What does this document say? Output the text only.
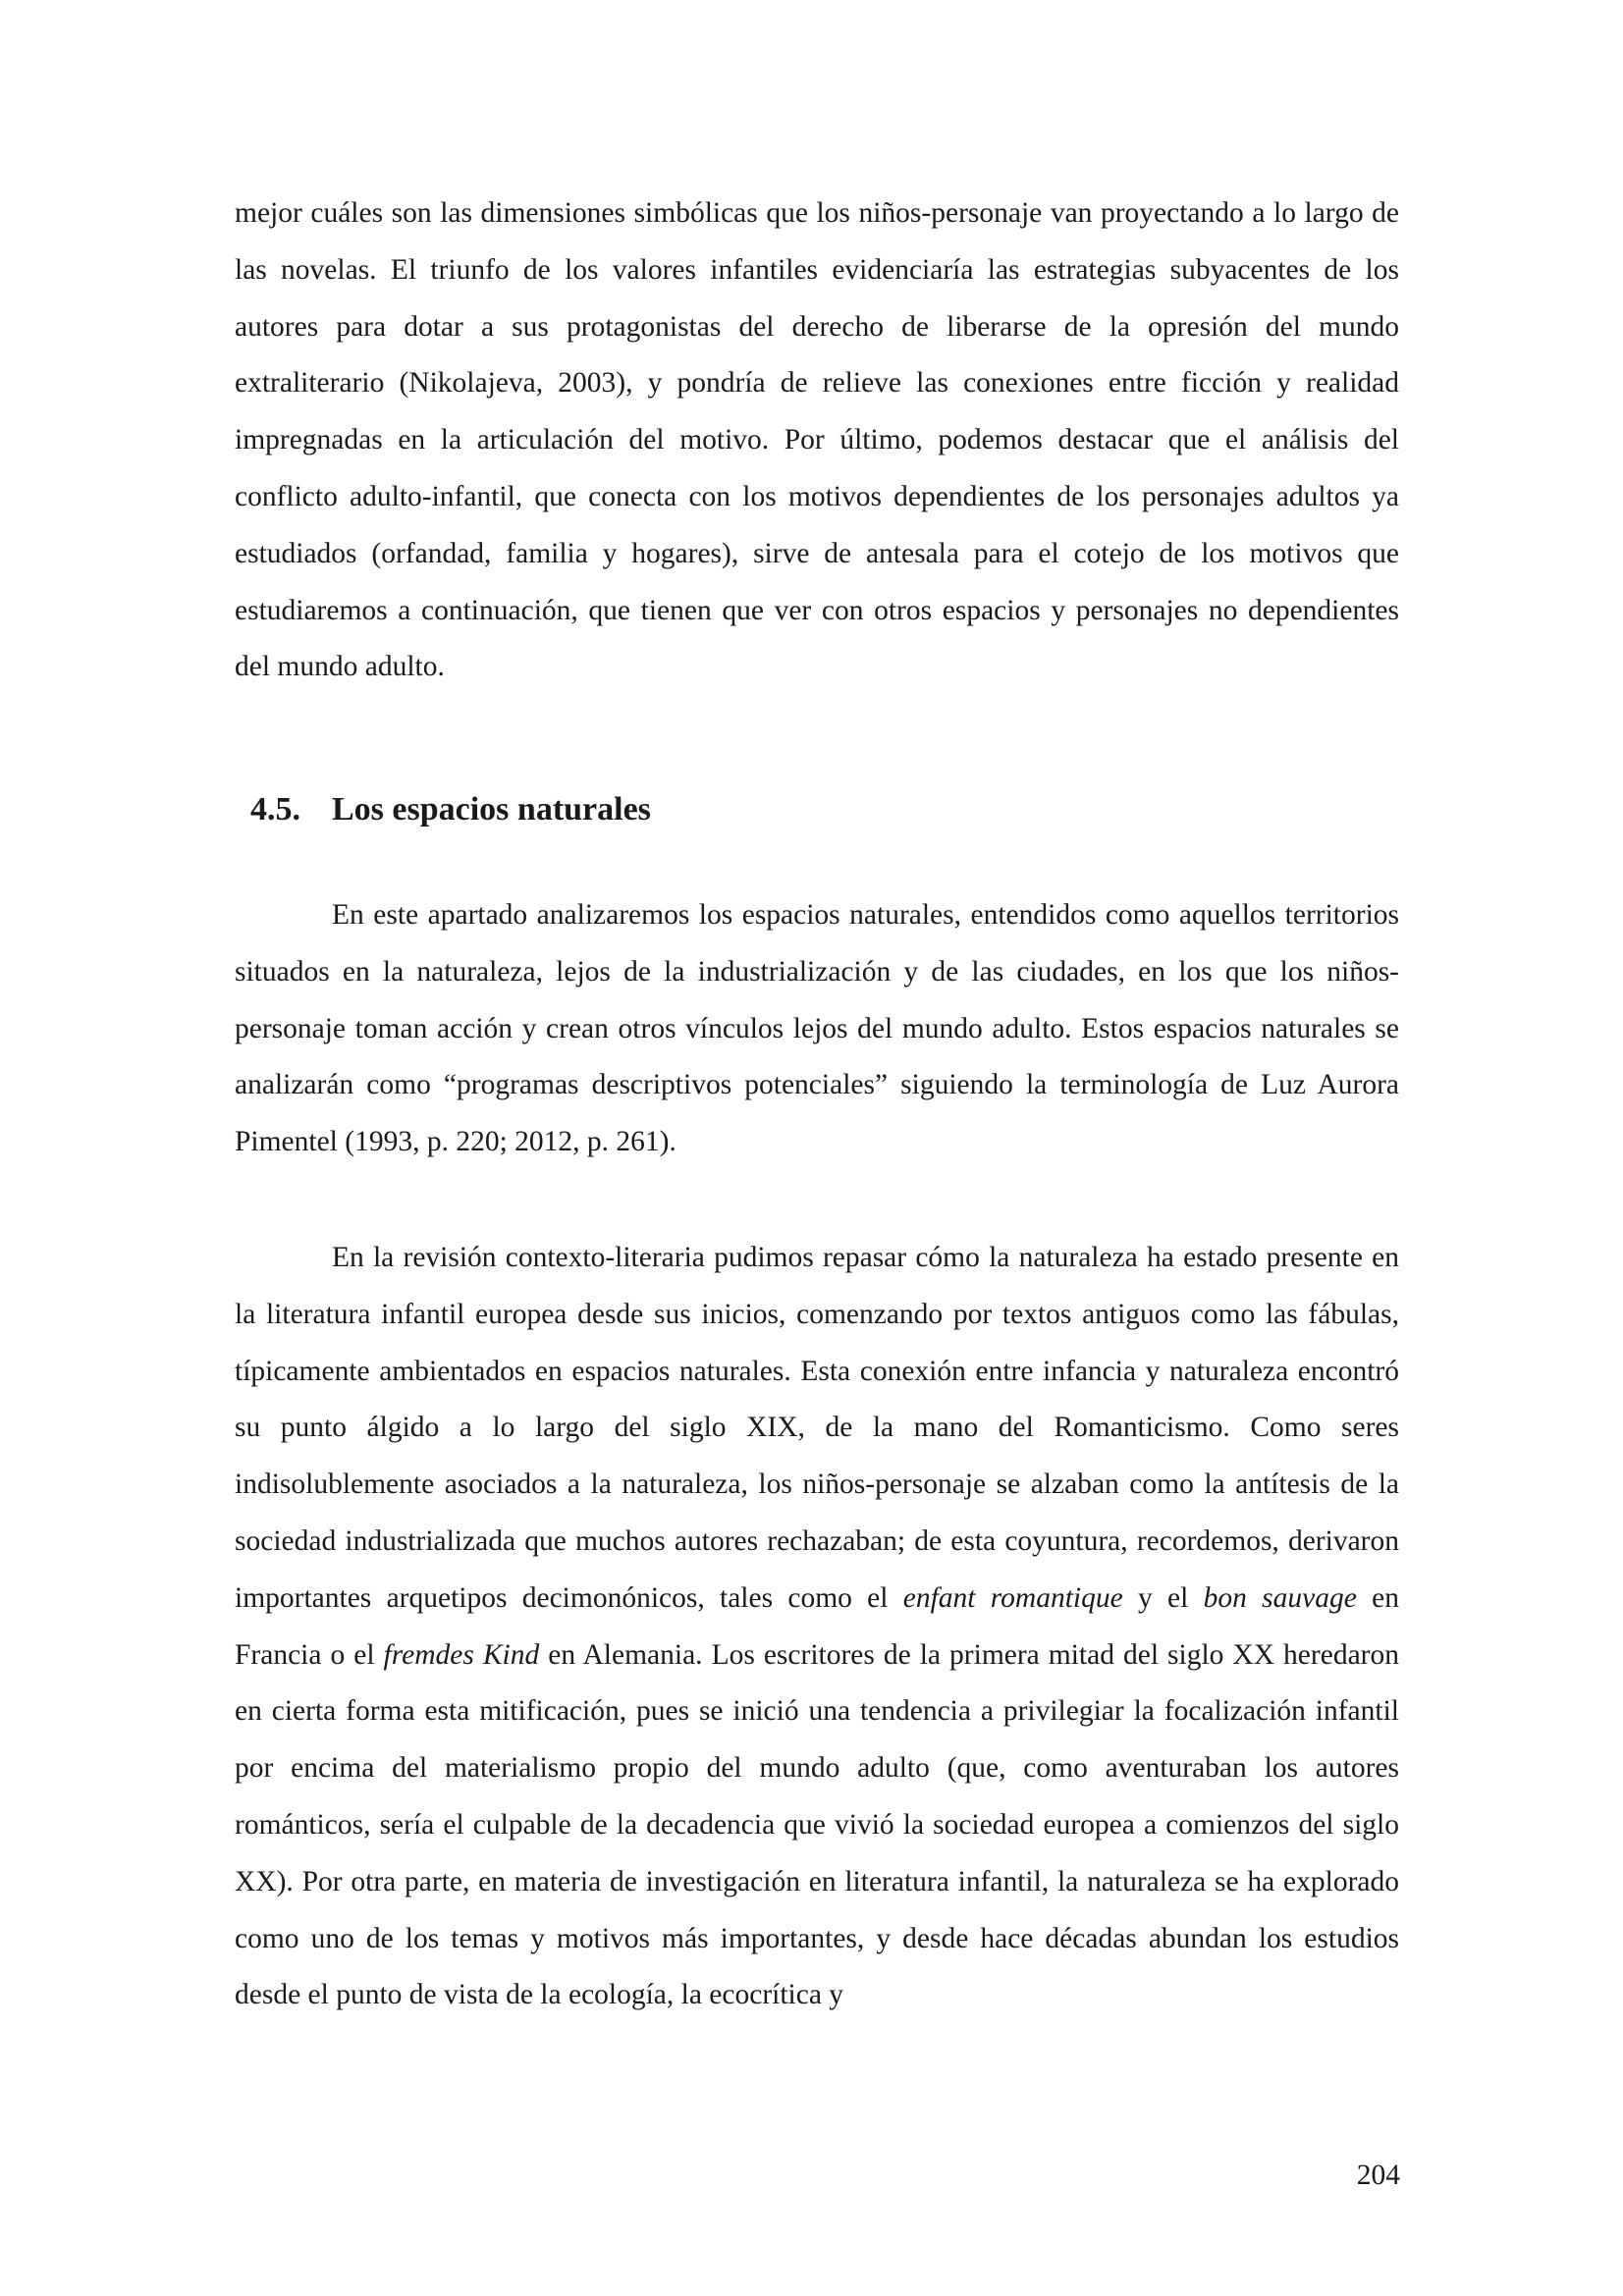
mejor cuáles son las dimensiones simbólicas que los niños-personaje van proyectando a lo largo de las novelas. El triunfo de los valores infantiles evidenciaría las estrategias subyacentes de los autores para dotar a sus protagonistas del derecho de liberarse de la opresión del mundo extraliterario (Nikolajeva, 2003), y pondría de relieve las conexiones entre ficción y realidad impregnadas en la articulación del motivo. Por último, podemos destacar que el análisis del conflicto adulto-infantil, que conecta con los motivos dependientes de los personajes adultos ya estudiados (orfandad, familia y hogares), sirve de antesala para el cotejo de los motivos que estudiaremos a continuación, que tienen que ver con otros espacios y personajes no dependientes del mundo adulto.

4.5. Los espacios naturales

En este apartado analizaremos los espacios naturales, entendidos como aquellos territorios situados en la naturaleza, lejos de la industrialización y de las ciudades, en los que los niños-personaje toman acción y crean otros vínculos lejos del mundo adulto. Estos espacios naturales se analizarán como “programas descriptivos potenciales” siguiendo la terminología de Luz Aurora Pimentel (1993, p. 220; 2012, p. 261).

En la revisión contexto-literaria pudimos repasar cómo la naturaleza ha estado presente en la literatura infantil europea desde sus inicios, comenzando por textos antiguos como las fábulas, típicamente ambientados en espacios naturales. Esta conexión entre infancia y naturaleza encontró su punto álgido a lo largo del siglo XIX, de la mano del Romanticismo. Como seres indisolublemente asociados a la naturaleza, los niños-personaje se alzaban como la antítesis de la sociedad industrializada que muchos autores rechazaban; de esta coyuntura, recordemos, derivaron importantes arquetipos decimonónicos, tales como el enfant romantique y el bon sauvage en Francia o el fremdes Kind en Alemania. Los escritores de la primera mitad del siglo XX heredaron en cierta forma esta mitificación, pues se inició una tendencia a privilegiar la focalización infantil por encima del materialismo propio del mundo adulto (que, como aventuraban los autores románticos, sería el culpable de la decadencia que vivió la sociedad europea a comienzos del siglo XX). Por otra parte, en materia de investigación en literatura infantil, la naturaleza se ha explorado como uno de los temas y motivos más importantes, y desde hace décadas abundan los estudios desde el punto de vista de la ecología, la ecocrítica y

204
